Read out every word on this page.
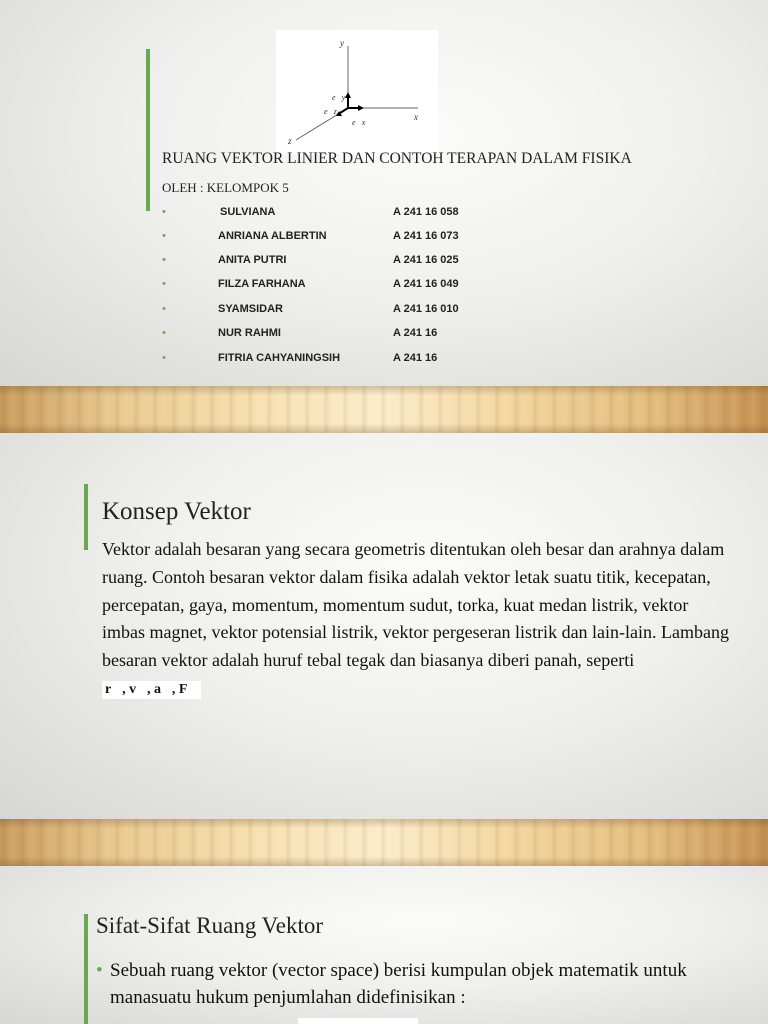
y
x
z
e⃗y
e⃗x
e⃗z
RUANG VEKTOR LINIER DAN CONTOH TERAPAN DALAM FISIKA
OLEH : KELOMPOK 5
•	SULVIANA	A 241 16 058
•	ANRIANA ALBERTIN	A 241 16 073
•	ANITA PUTRI	A 241 16 025
•	FILZA FARHANA	A 241 16 049
•	SYAMSIDAR	A 241 16 010
•	NUR RAHMI	A 241 16
•	FITRIA CAHYANINGSIH	A 241 16
Konsep Vektor
Vektor adalah besaran yang secara geometris ditentukan oleh besar dan arahnya dalam ruang. Contoh besaran vektor dalam fisika adalah vektor letak suatu titik, kecepatan, percepatan, gaya, momentum, momentum sudut, torka, kuat medan listrik, vektor imbas magnet, vektor potensial listrik, vektor pergeseran listrik dan lain-lain. Lambang besaran vektor adalah huruf tebal tegak dan biasanya diberi panah, seperti r⃗, v⃗, a⃗, F⃗
Sifat-Sifat Ruang Vektor
• Sebuah ruang vektor (vector space) berisi kumpulan objek matematik untuk manasuatu hukum penjumlahan didefinisikan :
